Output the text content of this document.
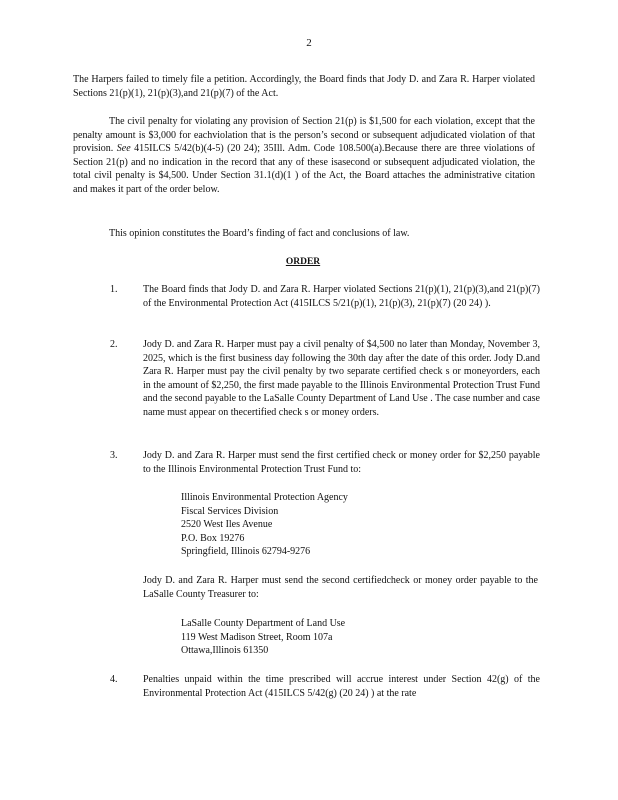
2

The Harpers failed to timely file a petition. Accordingly, the Board finds that Jody D. and Zara R. Harper violated Sections 21(p)(1), 21(p)(3),and 21(p)(7) of the Act.

The civil penalty for violating any provision of Section 21(p) is $1,500 for each violation, except that the penalty amount is $3,000 for eachviolation that is the person’s second or subsequent adjudicated violation of that provision. See 415ILCS 5/42(b)(4-5) (20 24); 35Ill. Adm. Code 108.500(a).Because there are three violations of Section 21(p) and no indication in the record that any of these isasecond or subsequent adjudicated violation, the total civil penalty is $4,500. Under Section 31.1(d)(1 ) of the Act, the Board attaches the administrative citation and makes it part of the order below.

This opinion constitutes the Board’s finding of fact and conclusions of law.

ORDER
1.	The Board finds that Jody D. and Zara R. Harper violated Sections 21(p)(1), 21(p)(3),and 21(p)(7) of the Environmental Protection Act (415ILCS 5/21(p)(1), 21(p)(3), 21(p)(7) (20 24) ).
2.	Jody D. and Zara R. Harper must pay a civil penalty of $4,500 no later than Monday, November 3, 2025, which is the first business day following the 30th day after the date of this order. Jody D.and Zara R. Harper must pay the civil penalty by two separate certified check s or moneyorders, each in the amount of $2,250, the first made payable to the Illinois Environmental Protection Trust Fund and the second payable to the LaSalle County Department of Land Use . The case number and case name must appear on thecertified check s or money orders.
3.	Jody D. and Zara R. Harper must send the first certified check or money order for $2,250 payable to the Illinois Environmental Protection Trust Fund to:
Illinois Environmental Protection Agency
Fiscal Services Division
2520 West Iles Avenue
P.O. Box 19276
Springfield, Illinois 62794-9276
Jody D. and Zara R. Harper must send the second certifiedcheck or money order payable to the LaSalle County Treasurer to:
LaSalle County Department of Land Use
119 West Madison Street, Room 107a
Ottawa,Illinois 61350
4.	Penalties unpaid within the time prescribed will accrue interest under Section 42(g) of the Environmental Protection Act (415ILCS 5/42(g) (20 24) ) at the rate
